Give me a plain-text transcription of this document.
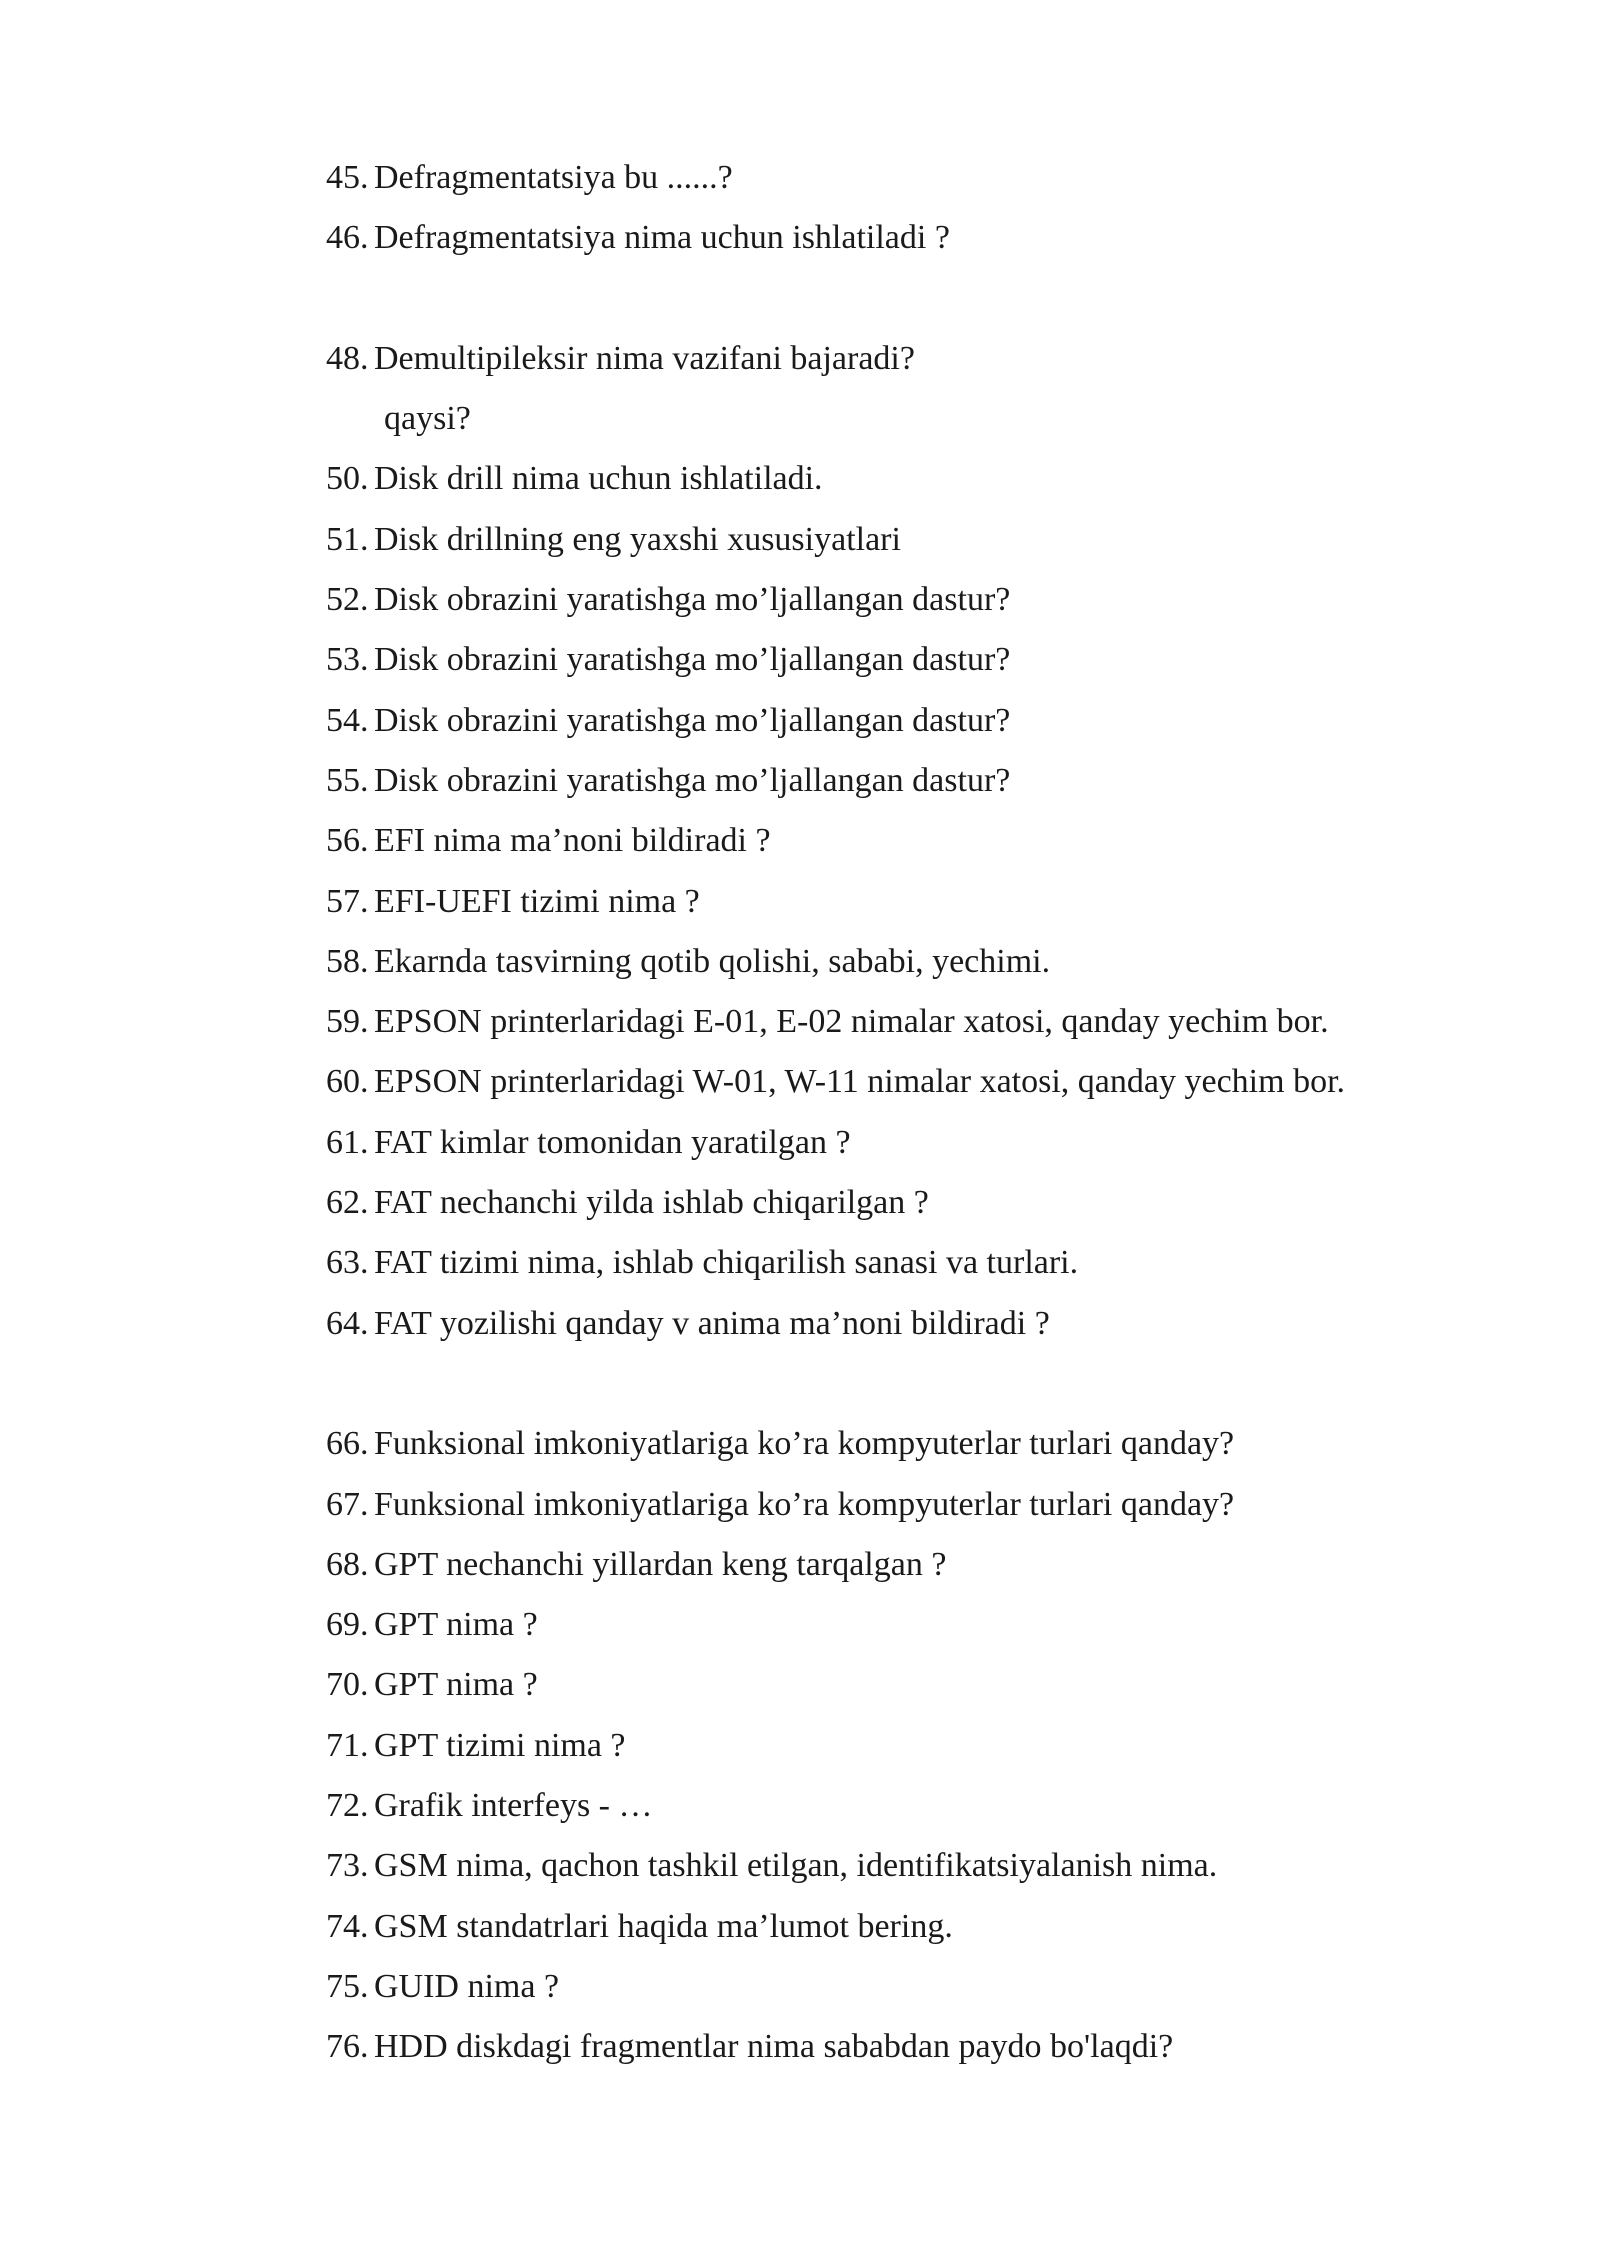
45. Defragmentatsiya bu ......?
46. Defragmentatsiya nima uchun ishlatiladi ?
48. Demultipileksir nima vazifani bajaradi?
qaysi?
50. Disk drill nima uchun ishlatiladi.
51. Disk drillning eng yaxshi xususiyatlari
52. Disk obrazini yaratishga mo’ljallangan dastur?
53. Disk obrazini yaratishga mo’ljallangan dastur?
54. Disk obrazini yaratishga mo’ljallangan dastur?
55. Disk obrazini yaratishga mo’ljallangan dastur?
56. EFI nima ma’noni bildiradi ?
57. EFI-UEFI tizimi nima ?
58. Ekarnda tasvirning qotib qolishi, sababi, yechimi.
59. EPSON printerlaridagi E-01, E-02 nimalar xatosi, qanday yechim bor.
60. EPSON printerlaridagi W-01, W-11 nimalar xatosi, qanday yechim bor.
61. FAT kimlar tomonidan yaratilgan ?
62. FAT nechanchi yilda ishlab chiqarilgan ?
63. FAT tizimi nima, ishlab chiqarilish sanasi va turlari.
64. FAT yozilishi qanday v anima ma’noni bildiradi ?
66. Funksional imkoniyatlariga ko’ra kompyuterlar turlari qanday?
67. Funksional imkoniyatlariga ko’ra kompyuterlar turlari qanday?
68. GPT nechanchi yillardan keng tarqalgan ?
69. GPT nima ?
70. GPT nima ?
71. GPT tizimi nima ?
72. Grafik interfeys - …
73. GSM nima, qachon tashkil etilgan, identifikatsiyalanish nima.
74. GSM standatrlari haqida ma’lumot bering.
75. GUID nima ?
76. HDD diskdagi fragmentlar nima sababdan paydo bo'laqdi?
